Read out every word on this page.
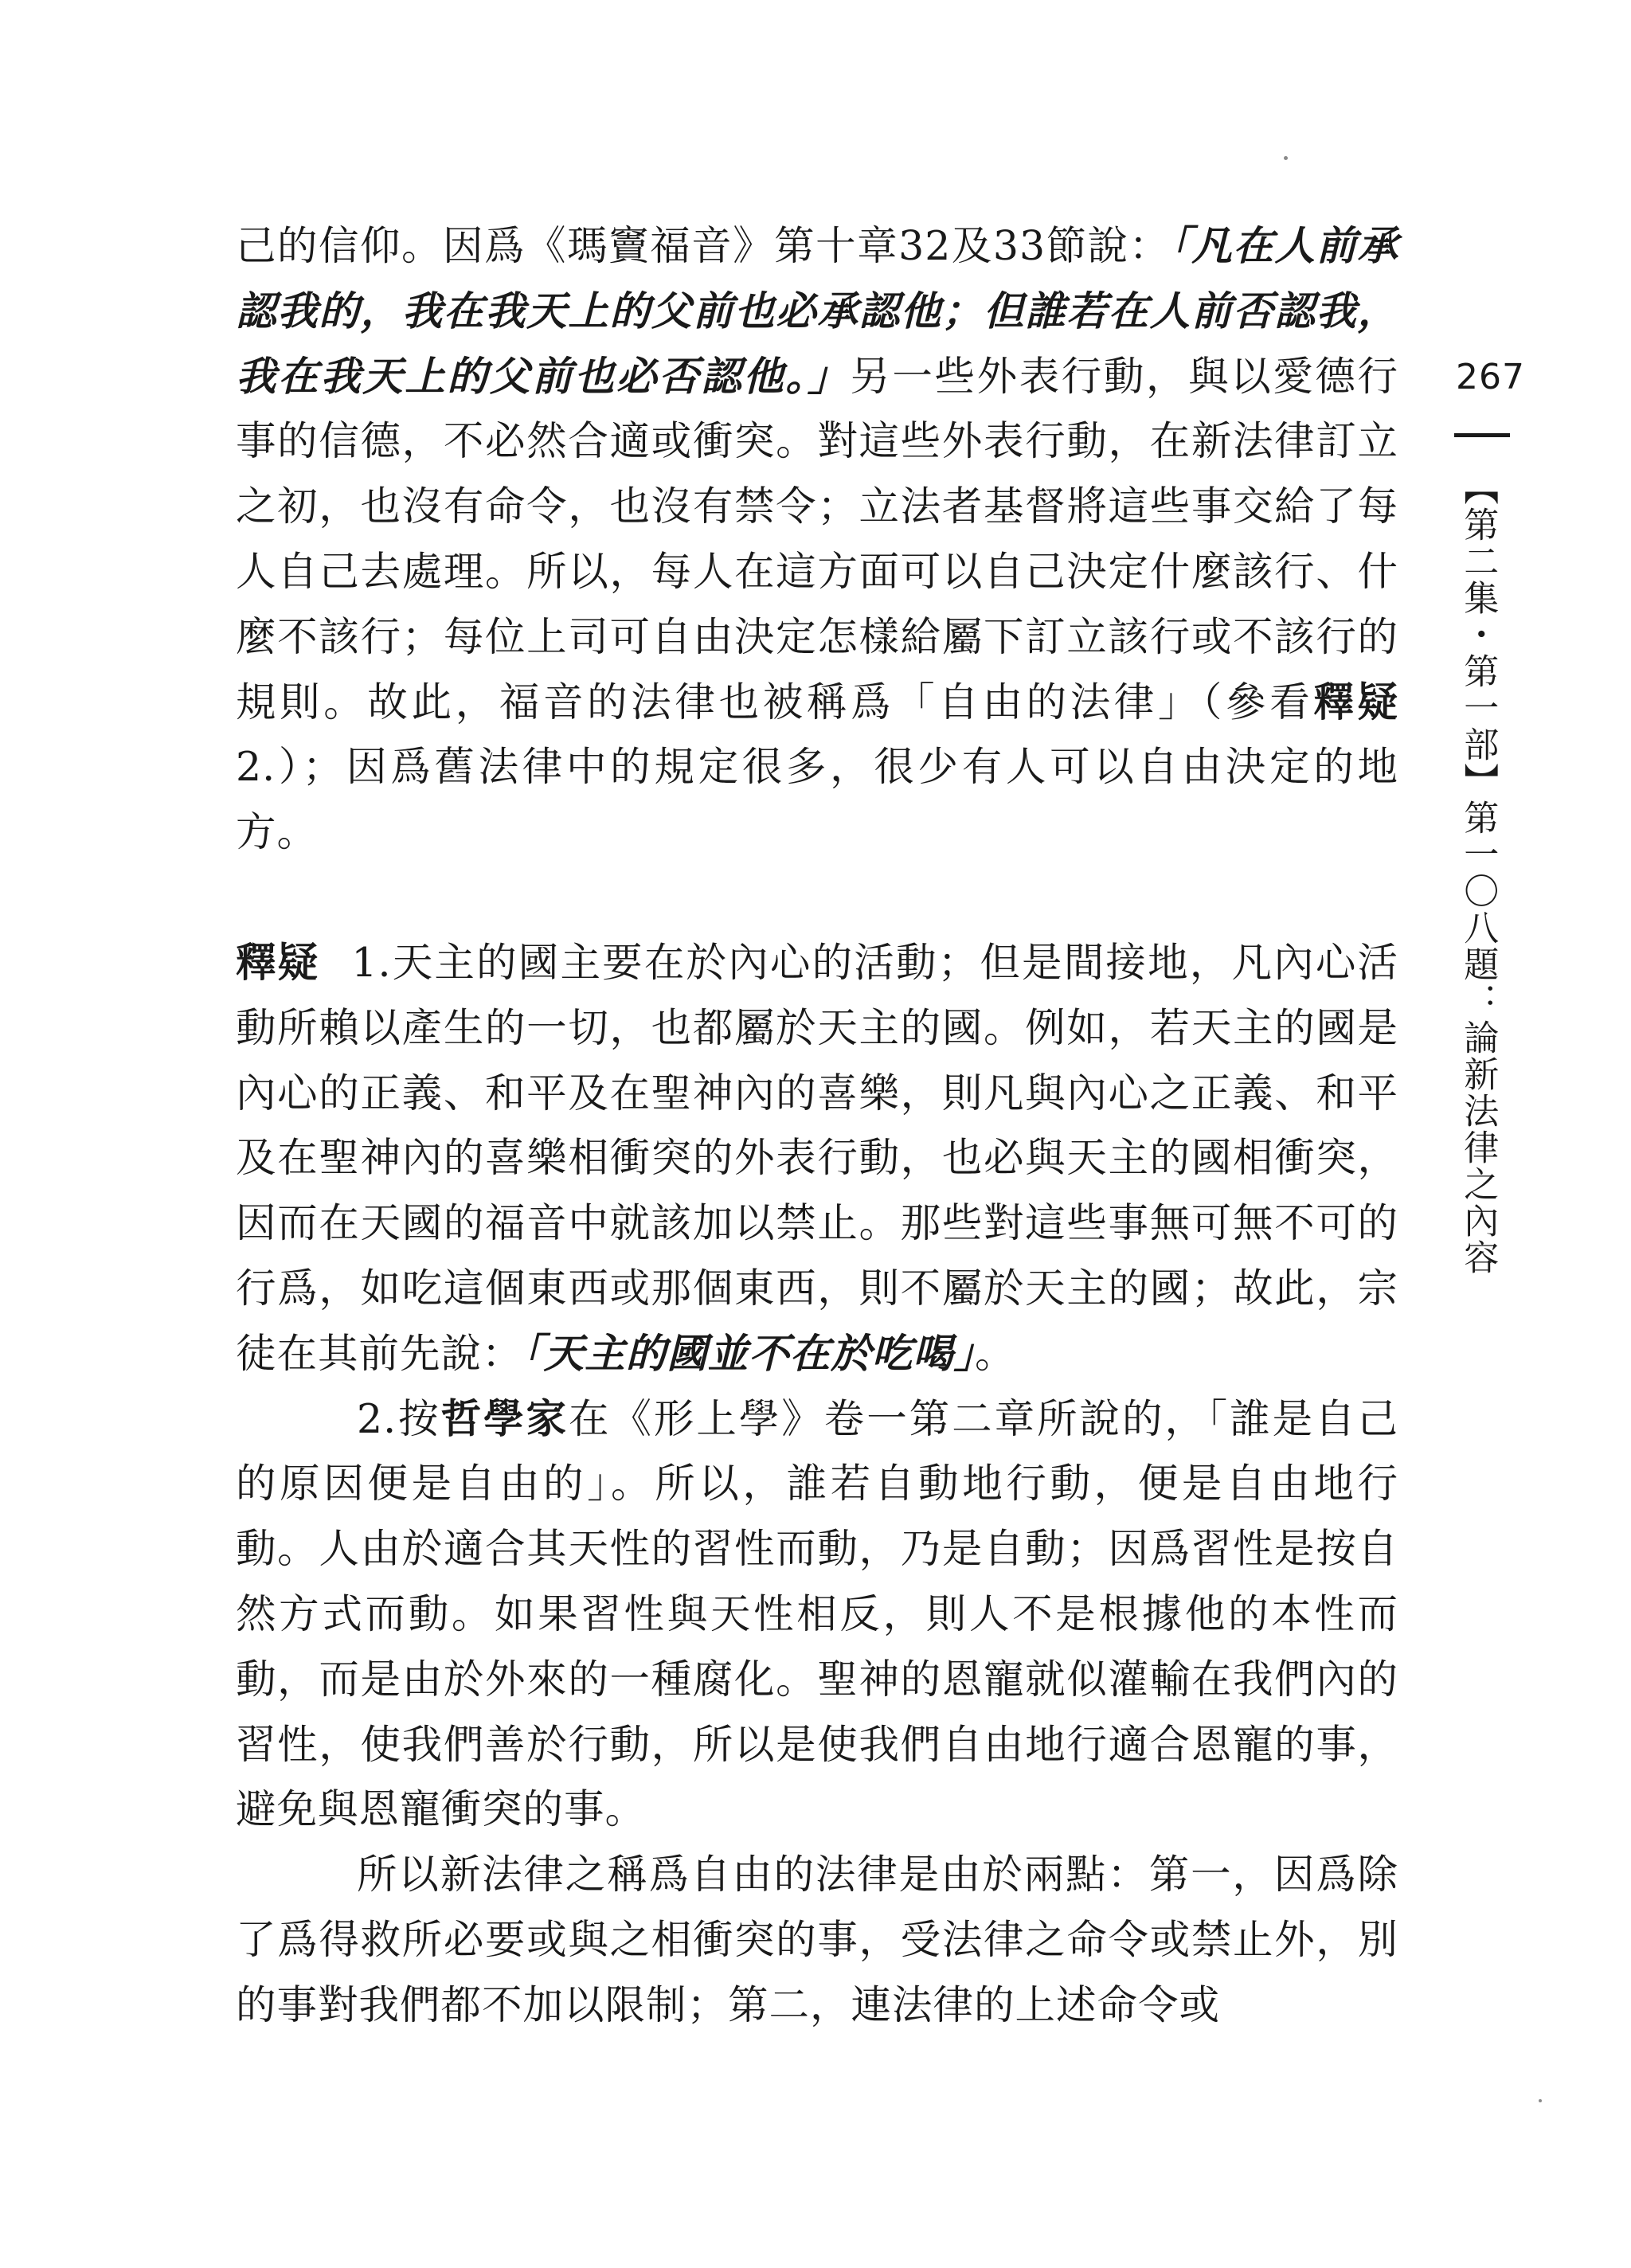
己的信仰。因爲《瑪竇福音》第十章32及33節說：「凡在人前承認我的，我在我天上的父前也必承認他；但誰若在人前否認我，我在我天上的父前也必否認他。」另一些外表行動，與以愛德行事的信德，不必然合適或衝突。對這些外表行動，在新法律訂立之初，也沒有命令，也沒有禁令；立法者基督將這些事交給了每人自己去處理。所以，每人在這方面可以自己決定什麼該行、什麼不該行；每位上司可自由決定怎樣給屬下訂立該行或不該行的規則。故此，福音的法律也被稱爲「自由的法律」（參看釋疑2.）；因爲舊法律中的規定很多，很少有人可以自由決定的地方。

釋疑 1.天主的國主要在於內心的活動；但是間接地，凡內心活動所賴以產生的一切，也都屬於天主的國。例如，若天主的國是內心的正義、和平及在聖神內的喜樂，則凡與內心之正義、和平及在聖神內的喜樂相衝突的外表行動，也必與天主的國相衝突，因而在天國的福音中就該加以禁止。那些對這些事無可無不可的行爲，如吃這個東西或那個東西，則不屬於天主的國；故此，宗徒在其前先說：「天主的國並不在於吃喝」。

2.按哲學家在《形上學》卷一第二章所說的，「誰是自己的原因便是自由的」。所以，誰若自動地行動，便是自由地行動。人由於適合其天性的習性而動，乃是自動；因爲習性是按自然方式而動。如果習性與天性相反，則人不是根據他的本性而動，而是由於外來的一種腐化。聖神的恩寵就似灌輸在我們內的習性，使我們善於行動，所以是使我們自由地行適合恩寵的事，避免與恩寵衝突的事。

所以新法律之稱爲自由的法律是由於兩點：第一，因爲除了爲得救所必要或與之相衝突的事，受法律之命令或禁止外，別的事對我們都不加以限制；第二，連法律的上述命令或

267
【第二集・第一部】第一〇八題：論新法律之內容
